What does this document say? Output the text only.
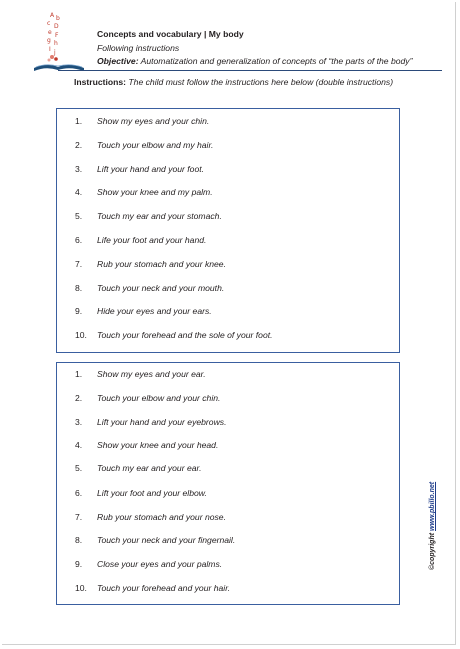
A b
c D
e F
g h
I j
Concepts and vocabulary | My body
Following instructions
Objective: Automatization and generalization of concepts of “the parts of the body”
Instructions: The child must follow the instructions here below (double instructions)
1.	Show my eyes and your chin.
2.	Touch your elbow and my hair.
3.	Lift your hand and your foot.
4.	Show your knee and my palm.
5.	Touch my ear and your stomach.
6.	Life your foot and your hand.
7.	Rub your stomach and your knee.
8.	Touch your neck and your mouth.
9.	Hide your eyes and your ears.
10.	Touch your forehead and the sole of your foot.
1.	Show my eyes and your ear.
2.	Touch your elbow and your chin.
3.	Lift your hand and your eyebrows.
4.	Show your knee and your head.
5.	Touch my ear and your ear.
6.	Lift your foot and your elbow.
7.	Rub your stomach and your nose.
8.	Touch your neck and your fingernail.
9.	Close your eyes and your palms.
10.	Touch your forehead and your hair.
©copyright www.pbillo.net
